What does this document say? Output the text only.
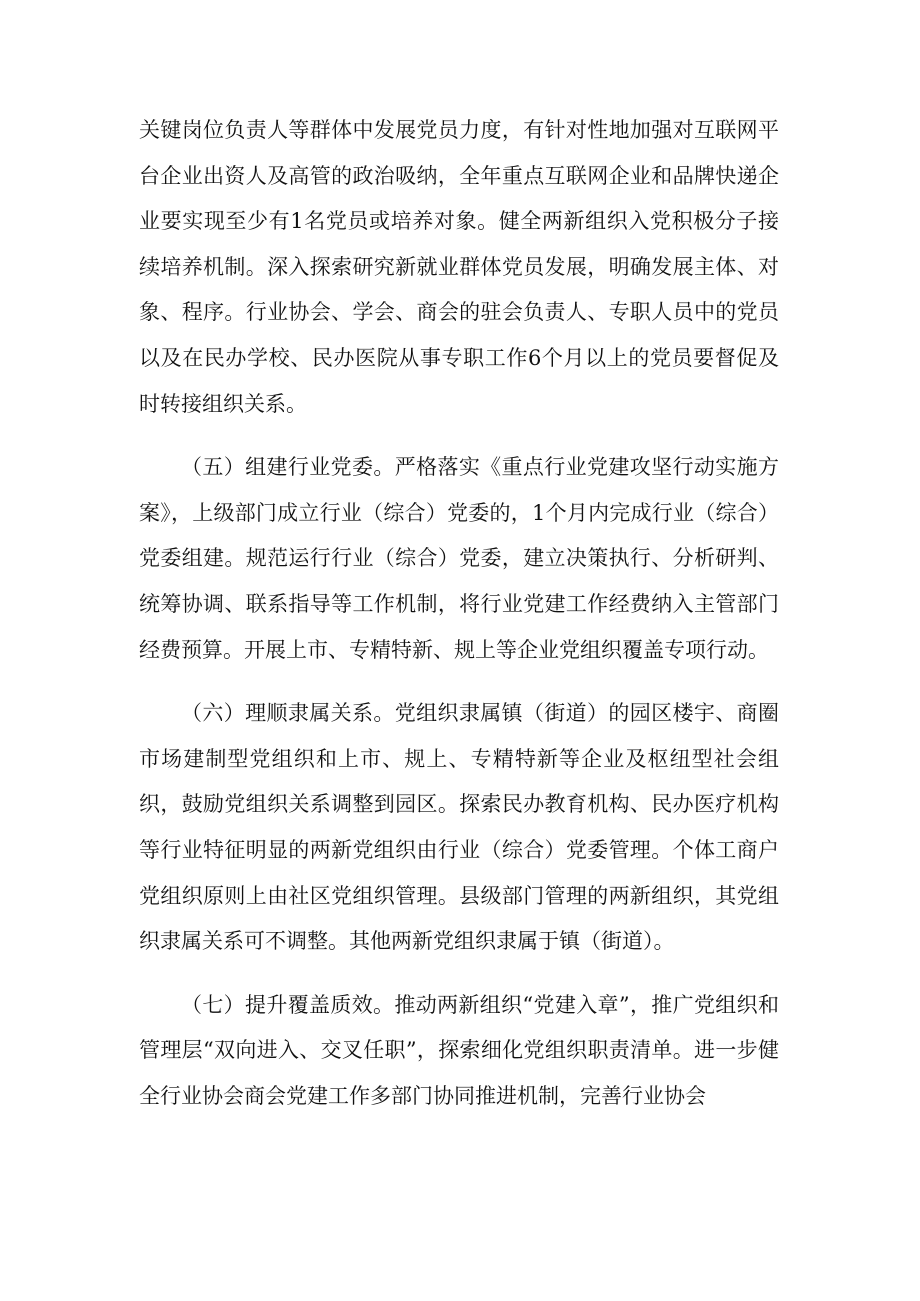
关键岗位负责人等群体中发展党员力度，有针对性地加强对互联网平台企业出资人及高管的政治吸纳，全年重点互联网企业和品牌快递企业要实现至少有1名党员或培养对象。健全两新组织入党积极分子接续培养机制。深入探索研究新就业群体党员发展，明确发展主体、对象、程序。行业协会、学会、商会的驻会负责人、专职人员中的党员以及在民办学校、民办医院从事专职工作6个月以上的党员要督促及时转接组织关系。

（五）组建行业党委。严格落实《重点行业党建攻坚行动实施方案》，上级部门成立行业（综合）党委的，1个月内完成行业（综合）党委组建。规范运行行业（综合）党委，建立决策执行、分析研判、统筹协调、联系指导等工作机制，将行业党建工作经费纳入主管部门经费预算。开展上市、专精特新、规上等企业党组织覆盖专项行动。

（六）理顺隶属关系。党组织隶属镇（街道）的园区楼宇、商圈市场建制型党组织和上市、规上、专精特新等企业及枢纽型社会组织，鼓励党组织关系调整到园区。探索民办教育机构、民办医疗机构等行业特征明显的两新党组织由行业（综合）党委管理。个体工商户党组织原则上由社区党组织管理。县级部门管理的两新组织，其党组织隶属关系可不调整。其他两新党组织隶属于镇（街道）。

（七）提升覆盖质效。推动两新组织“党建入章”，推广党组织和管理层“双向进入、交叉任职”，探索细化党组织职责清单。进一步健全行业协会商会党建工作多部门协同推进机制，完善行业协会
